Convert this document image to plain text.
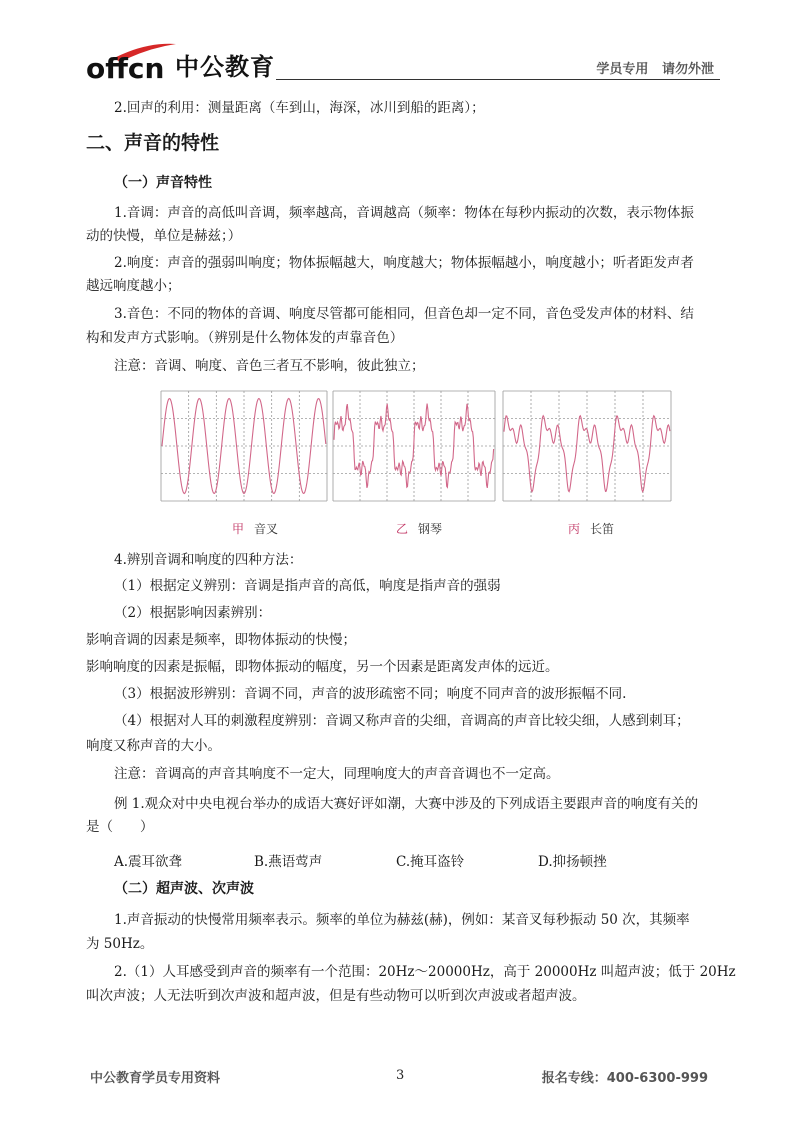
offcn 中公教育	学员专用   请勿外泄
2.回声的利用：测量距离（车到山，海深，冰川到船的距离）；
二、声音的特性
（一）声音特性
1.音调：声音的高低叫音调，频率越高，音调越高（频率：物体在每秒内振动的次数，表示物体振
动的快慢，单位是赫兹；）
2.响度：声音的强弱叫响度；物体振幅越大，响度越大；物体振幅越小，响度越小；听者距发声者
越远响度越小；
3.音色：不同的物体的音调、响度尽管都可能相同，但音色却一定不同，音色受发声体的材料、结
构和发声方式影响。（辨别是什么物体发的声靠音色）
注意：音调、响度、音色三者互不影响，彼此独立；
甲 音叉	乙 钢琴	丙 长笛
4.辨别音调和响度的四种方法：
（1）根据定义辨别：音调是指声音的高低，响度是指声音的强弱
（2）根据影响因素辨别：
影响音调的因素是频率，即物体振动的快慢；
影响响度的因素是振幅，即物体振动的幅度，另一个因素是距离发声体的远近。
（3）根据波形辨别：音调不同，声音的波形疏密不同；响度不同声音的波形振幅不同.
（4）根据对人耳的刺激程度辨别：音调又称声音的尖细，音调高的声音比较尖细，人感到刺耳；
响度又称声音的大小。
注意：音调高的声音其响度不一定大，同理响度大的声音音调也不一定高。
例 1.观众对中央电视台举办的成语大赛好评如潮，大赛中涉及的下列成语主要跟声音的响度有关的
是（　　）
A.震耳欲聋	B.燕语莺声	C.掩耳盗铃	D.抑扬顿挫
（二）超声波、次声波
1.声音振动的快慢常用频率表示。频率的单位为赫兹(赫)，例如：某音叉每秒振动 50 次，其频率
为 50Hz。
2.（1）人耳感受到声音的频率有一个范围：20Hz～20000Hz，高于 20000Hz 叫超声波；低于 20Hz
叫次声波；人无法听到次声波和超声波，但是有些动物可以听到次声波或者超声波。
中公教育学员专用资料	3	报名专线：400-6300-999
